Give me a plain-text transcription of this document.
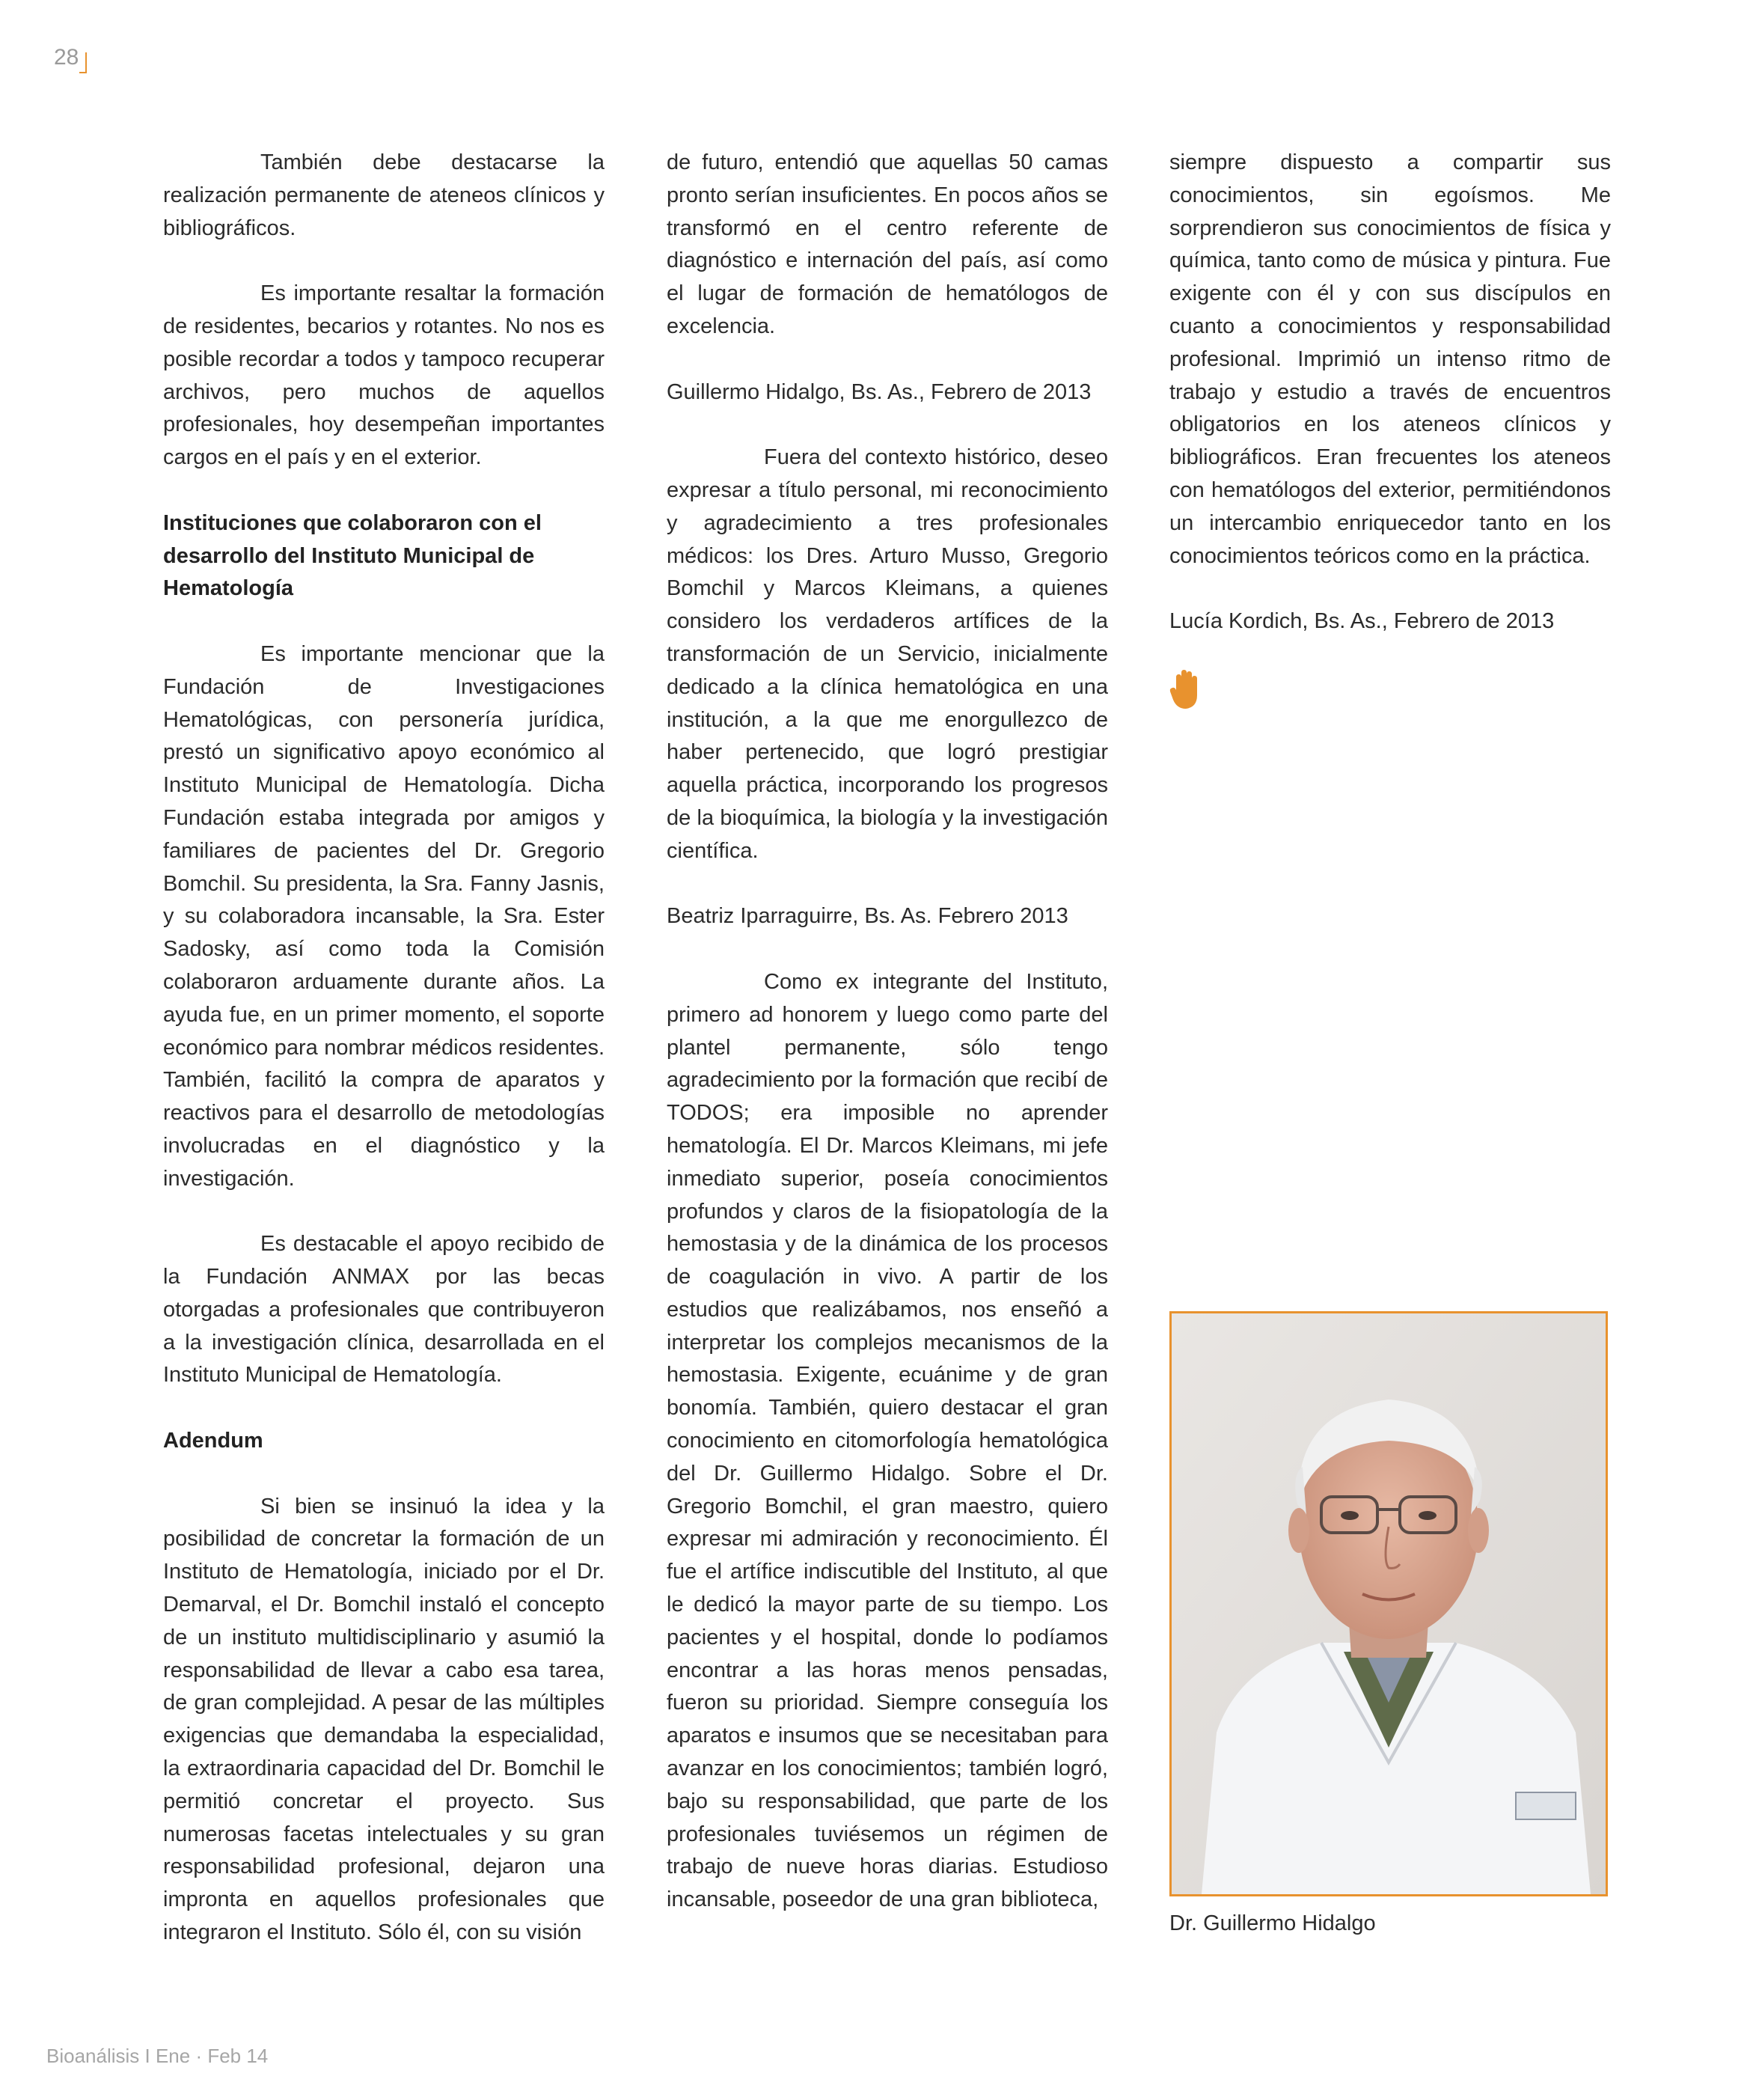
28

También debe destacarse la realización permanente de ateneos clínicos y bibliográficos.

Es importante resaltar la formación de residentes, becarios y rotantes. No nos es posible recordar a todos y tampoco recuperar archivos, pero muchos de aquellos profesionales, hoy desempeñan importantes cargos en el país y en el exterior.

Instituciones que colaboraron con el desarrollo del Instituto Municipal de Hematología

Es importante mencionar que la Fundación de Investigaciones Hematológicas, con personería jurídica, prestó un significativo apoyo económico al Instituto Municipal de Hematología. Dicha Fundación estaba integrada por amigos y familiares de pacientes del Dr. Gregorio Bomchil. Su presidenta, la Sra. Fanny Jasnis, y su colaboradora incansable, la Sra. Ester Sadosky, así como toda la Comisión colaboraron arduamente durante años. La ayuda fue, en un primer momento, el soporte económico para nombrar médicos residentes. También, facilitó la compra de aparatos y reactivos para el desarrollo de metodologías involucradas en el diagnóstico y la investigación.

Es destacable el apoyo recibido de la Fundación ANMAX por las becas otorgadas a profesionales que contribuyeron a la investigación clínica, desarrollada en el Instituto Municipal de Hematología.

Adendum

Si bien se insinuó la idea y la posibilidad de concretar la formación de un Instituto de Hematología, iniciado por el Dr. Demarval, el Dr. Bomchil instaló el concepto de un instituto multidisciplinario y asumió la responsabilidad de llevar a cabo esa tarea, de gran complejidad. A pesar de las múltiples exigencias que demandaba la especialidad, la extraordinaria capacidad del Dr. Bomchil le permitió concretar el proyecto. Sus numerosas facetas intelectuales y su gran responsabilidad profesional, dejaron una impronta en aquellos profesionales que integraron el Instituto. Sólo él, con su visión

de futuro, entendió que aquellas 50 camas pronto serían insuficientes. En pocos años se transformó en el centro referente de diagnóstico e internación del país, así como el lugar de formación de hematólogos de excelencia.

Guillermo Hidalgo, Bs. As., Febrero de 2013

Fuera del contexto histórico, deseo expresar a título personal, mi reconocimiento y agradecimiento a tres profesionales médicos: los Dres. Arturo Musso, Gregorio Bomchil y Marcos Kleimans, a quienes considero los verdaderos artífices de la transformación de un Servicio, inicialmente dedicado a la clínica hematológica en una institución, a la que me enorgullezco de haber pertenecido, que logró prestigiar aquella práctica, incorporando los progresos de la bioquímica, la biología y la investigación científica.

Beatriz Iparraguirre, Bs. As. Febrero 2013

Como ex integrante del Instituto, primero ad honorem y luego como parte del plantel permanente, sólo tengo agradecimiento por la formación que recibí de TODOS; era imposible no aprender hematología. El Dr. Marcos Kleimans, mi jefe inmediato superior, poseía conocimientos profundos y claros de la fisiopatología de la hemostasia y de la dinámica de los procesos de coagulación in vivo. A partir de los estudios que realizábamos, nos enseñó a interpretar los complejos mecanismos de la hemostasia. Exigente, ecuánime y de gran bonomía. También, quiero destacar el gran conocimiento en citomorfología hematológica del Dr. Guillermo Hidalgo. Sobre el Dr. Gregorio Bomchil, el gran maestro, quiero expresar mi admiración y reconocimiento. Él fue el artífice indiscutible del Instituto, al que le dedicó la mayor parte de su tiempo. Los pacientes y el hospital, donde lo podíamos encontrar a las horas menos pensadas, fueron su prioridad. Siempre conseguía los aparatos e insumos que se necesitaban para avanzar en los conocimientos; también logró, bajo su responsabilidad, que parte de los profesionales tuviésemos un régimen de trabajo de nueve horas diarias. Estudioso incansable, poseedor de una gran biblioteca,

siempre dispuesto a compartir sus conocimientos, sin egoísmos. Me sorprendieron sus conocimientos de física y química, tanto como de música y pintura. Fue exigente con él y con sus discípulos en cuanto a conocimientos y responsabilidad profesional. Imprimió un intenso ritmo de trabajo y estudio a través de encuentros obligatorios en los ateneos clínicos y bibliográficos. Eran frecuentes los ateneos con hematólogos del exterior, permitiéndonos un intercambio enriquecedor tanto en los conocimientos teóricos como en la práctica.

Lucía Kordich, Bs. As., Febrero de 2013

Dr. Guillermo Hidalgo
Bioanálisis I Ene · Feb 14
